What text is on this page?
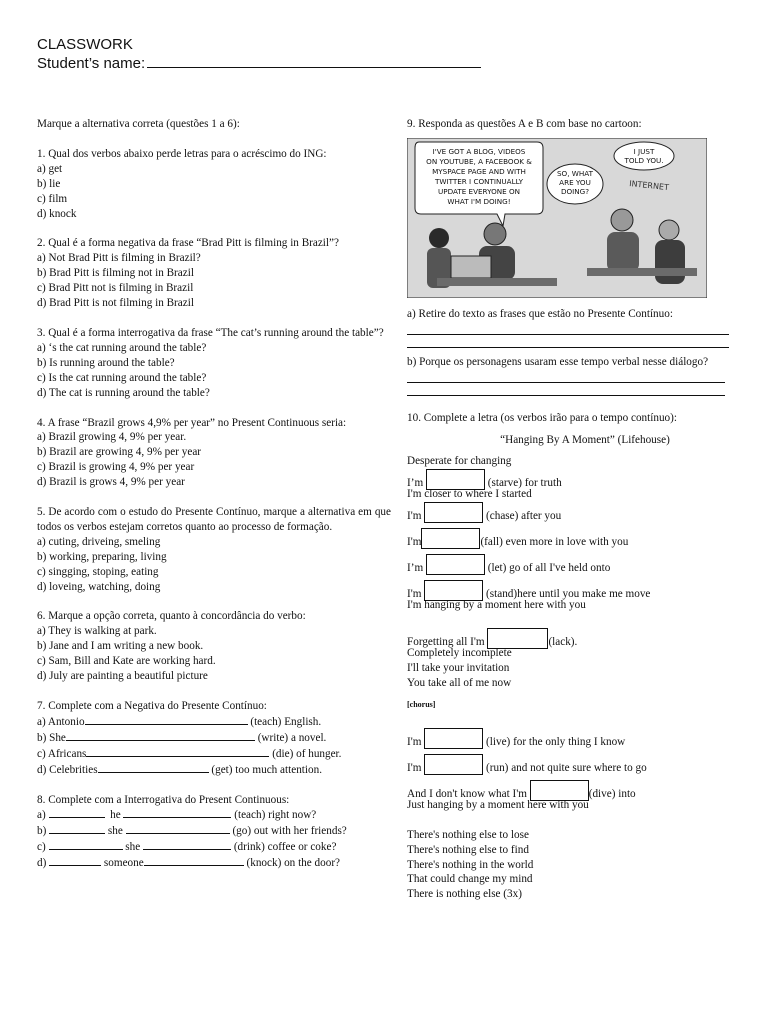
CLASSWORK
Student’s name:
Marque a alternativa correta (questões 1 a 6):
1. Qual dos verbos abaixo perde letras para o acréscimo do ING:
a) get
b) lie
c) film
d) knock
2. Qual é a forma negativa da frase “Brad Pitt is filming in Brazil”?
a) Not Brad Pitt is filming in Brazil?
b) Brad Pitt is filming not in Brazil
c) Brad Pitt not is filming in Brazil
d) Brad Pitt is not filming in Brazil
3. Qual é a forma interrogativa da frase “The cat’s running around the table”?
a) ‘s the cat running around the table?
b) Is running around the table?
c) Is the cat running around the table?
d) The cat is running around the table?
4. A frase “Brazil grows 4,9% per year” no Present Continuous seria:
a) Brazil growing 4, 9% per year.
b) Brazil are growing 4, 9% per year
c) Brazil is growing 4, 9% per year
d) Brazil is grows 4, 9% per year
5. De acordo com o estudo do Presente Contínuo, marque a alternativa em que todos os verbos estejam corretos quanto ao processo de formação.
a) cuting, driveing, smeling
b) working, preparing, living
c) singging, stoping, eating
d) loveing, watching, doing
6. Marque a opção correta, quanto à concordância do verbo:
a) They is walking at park.
b) Jane and I am writing a new book.
c) Sam, Bill and Kate are working hard.
d) July are painting a beautiful picture
7. Complete com a Negativa do Presente Contínuo:
a) Antonio	(teach) English.
b) She	(write) a novel.
c) Africans	(die) of hunger.
d) Celebrities	(get) too much attention.
8. Complete com a Interrogativa do Present Continuous:
a)	he	(teach) right now?
b)	she	(go) out with her friends?
c)	she	(drink) coffee or coke?
d)	someone	(knock) on the door?
9. Responda as questões A e B com base no cartoon:
I'VE GOT A BLOG, VIDEOS
ON YOUTUBE, A FACEBOOK &
MYSPACE PAGE AND WITH
TWITTER I CONTINUALLY
UPDATE EVERYONE ON
WHAT I'M DOING!
SO, WHAT
ARE YOU
DOING?
I JUST
TOLD YOU.
INTERNET
a) Retire do texto as frases que estão no Presente Contínuo:
b) Porque os personagens usaram esse tempo verbal nesse diálogo?
10. Complete a letra (os verbos irão para o tempo contínuo):
“Hanging By A Moment” (Lifehouse)
Desperate for changing
I’m	(starve) for truth
I'm closer to where I started
I'm	(chase) after you
I'm	(fall) even more in love with you
I’m	(let) go of all I've held onto
I'm	(stand)here until you make me move
I'm hanging by a moment here with you
Forgetting all I'm	(lack).
Completely incomplete
I'll take your invitation
You take all of me now
[chorus]
I'm	(live) for the only thing I know
I'm	(run) and not quite sure where to go
And I don't know what I'm	(dive) into
Just hanging by a moment here with you
There's nothing else to lose
There's nothing else to find
There's nothing in the world
That could change my mind
There is nothing else (3x)
